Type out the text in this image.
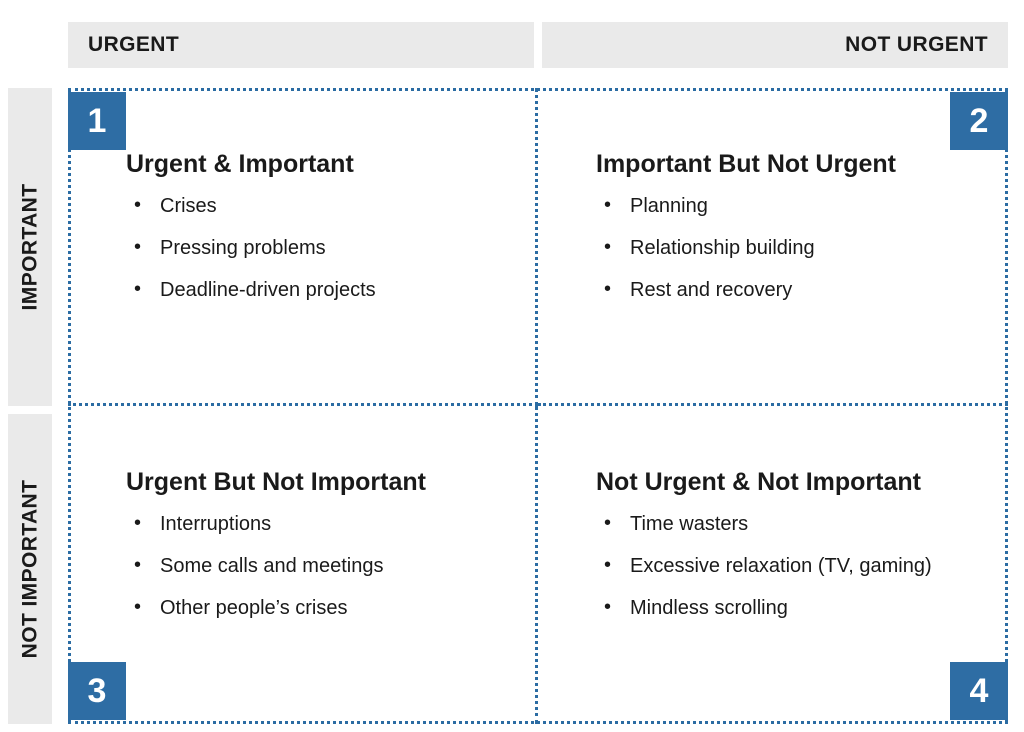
URGENT	NOT URGENT
IMPORTANT
NOT IMPORTANT
Urgent & Important
• Crises
• Pressing problems
• Deadline-driven projects
Important But Not Urgent
• Planning
• Relationship building
• Rest and recovery
Urgent But Not Important
• Interruptions
• Some calls and meetings
• Other people’s crises
Not Urgent & Not Important
• Time wasters
• Excessive relaxation (TV, gaming)
• Mindless scrolling
1	2
3	4
